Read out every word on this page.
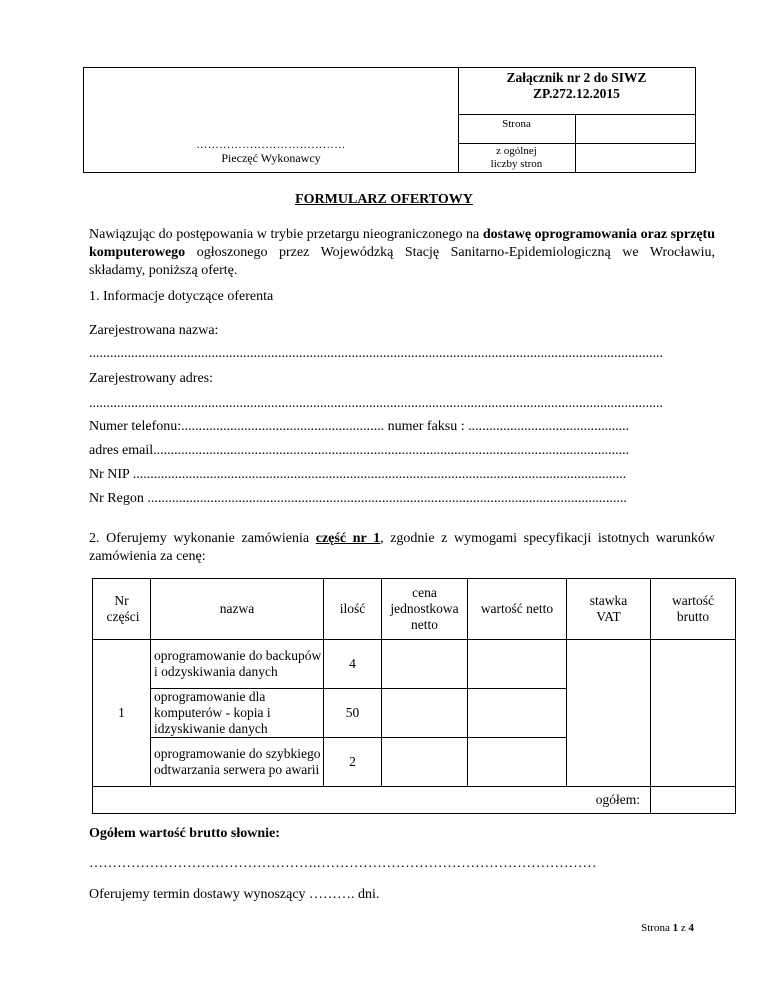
Załącznik nr 2 do SIWZ
ZP.272.12.2015
Strona
z ogólnej
liczby stron
…………………………………
Pieczęć Wykonawcy
FORMULARZ OFERTOWY
Nawiązując do postępowania w trybie przetargu nieograniczonego na dostawę oprogramowania oraz sprzętu komputerowego ogłoszonego przez Wojewódzką Stację Sanitarno-Epidemiologiczną we Wrocławiu, składamy, poniższą ofertę.
1. Informacje dotyczące oferenta
Zarejestrowana nazwa:
....................................................................................................................................................................
Zarejestrowany adres:
....................................................................................................................................................................
Numer telefonu:.......................................................... numer faksu : ..............................................
adres email........................................................................................................................................
Nr NIP .............................................................................................................................................
Nr Regon .........................................................................................................................................
2. Oferujemy wykonanie zamówienia część nr 1, zgodnie z wymogami specyfikacji istotnych warunków zamówienia za cenę:
Nr części	nazwa	ilość	cena jednostkowa netto	wartość netto	stawka VAT	wartość brutto

1	oprogramowanie do backupów i odzyskiwania danych	4				
	oprogramowanie dla komputerów - kopia i idzyskiwanie danych	50				
	oprogramowanie do szybkiego odtwarzania serwera po awarii	2				
ogółem:						
Ogółem wartość brutto słownie:
………………………………………….……………………………………………………
Oferujemy termin dostawy wynoszący ………. dni.
Strona 1 z 4
